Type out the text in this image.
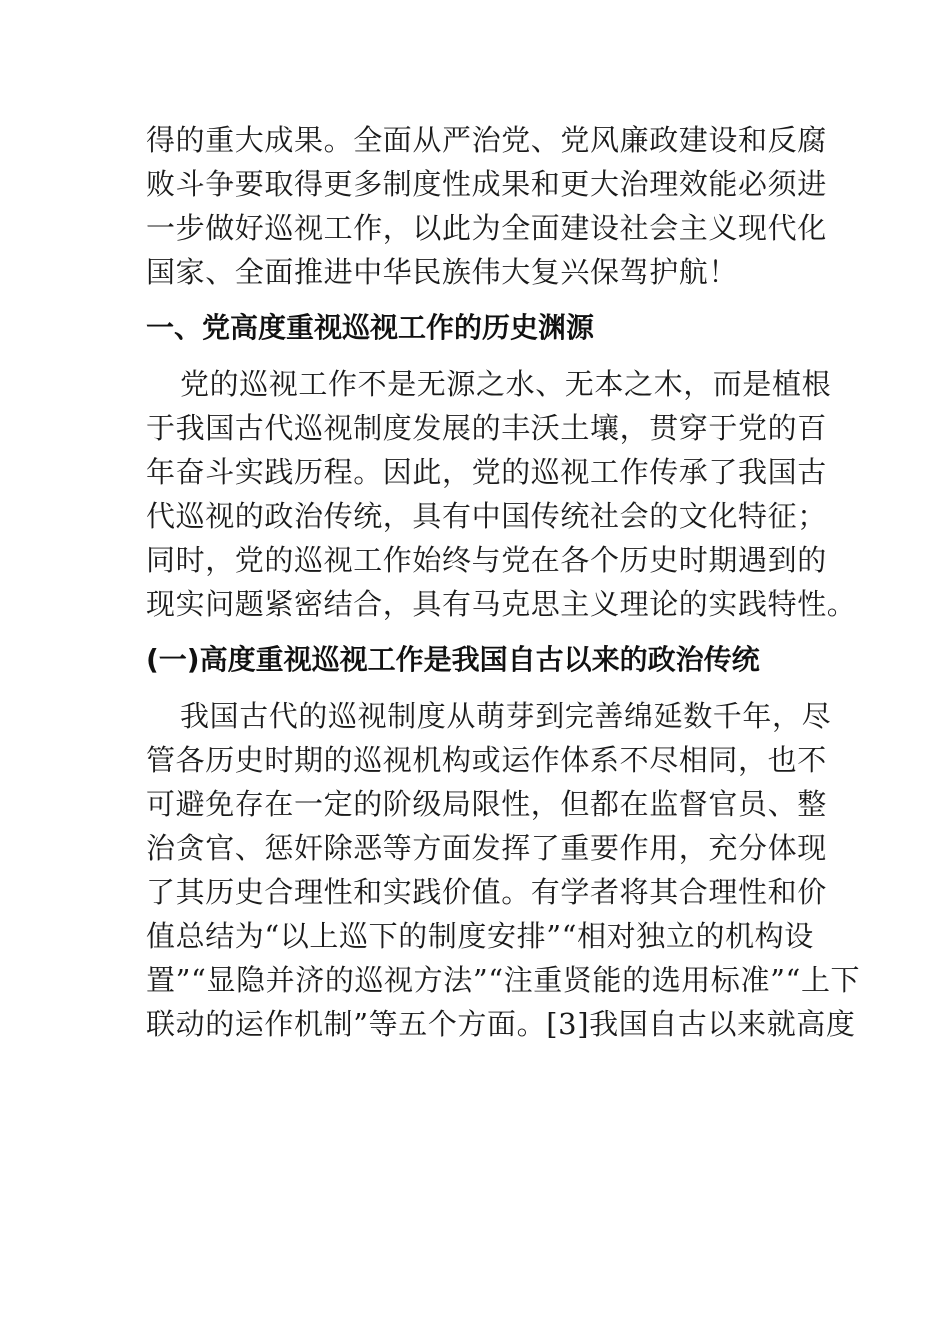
得的重大成果。全面从严治党、党风廉政建设和反腐
败斗争要取得更多制度性成果和更大治理效能必须进
一步做好巡视工作，以此为全面建设社会主义现代化
国家、全面推进中华民族伟大复兴保驾护航！
一、党高度重视巡视工作的历史渊源
党的巡视工作不是无源之水、无本之木，而是植根
于我国古代巡视制度发展的丰沃土壤，贯穿于党的百
年奋斗实践历程。因此，党的巡视工作传承了我国古
代巡视的政治传统，具有中国传统社会的文化特征；
同时，党的巡视工作始终与党在各个历史时期遇到的
现实问题紧密结合，具有马克思主义理论的实践特性。
(一)高度重视巡视工作是我国自古以来的政治传统
我国古代的巡视制度从萌芽到完善绵延数千年，尽
管各历史时期的巡视机构或运作体系不尽相同，也不
可避免存在一定的阶级局限性，但都在监督官员、整
治贪官、惩奸除恶等方面发挥了重要作用，充分体现
了其历史合理性和实践价值。有学者将其合理性和价
值总结为“以上巡下的制度安排”“相对独立的机构设
置”“显隐并济的巡视方法”“注重贤能的选用标准”“上下
联动的运作机制”等五个方面。[3]我国自古以来就高度
